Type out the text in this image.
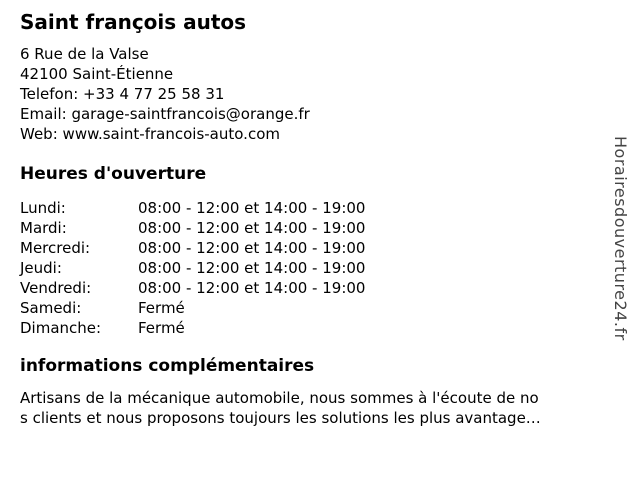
Saint françois autos
6 Rue de la Valse
42100 Saint-Étienne
Telefon: +33 4 77 25 58 31
Email: garage-saintfrancois@orange.fr
Web: www.saint-francois-auto.com
Heures d'ouverture
Lundi:	08:00 - 12:00 et 14:00 - 19:00
Mardi:	08:00 - 12:00 et 14:00 - 19:00
Mercredi:	08:00 - 12:00 et 14:00 - 19:00
Jeudi:	08:00 - 12:00 et 14:00 - 19:00
Vendredi:	08:00 - 12:00 et 14:00 - 19:00
Samedi:	Fermé
Dimanche:	Fermé
informations complémentaires
Artisans de la mécanique automobile, nous sommes à l'écoute de no
s clients et nous proposons toujours les solutions les plus avantage…
Horairesdouverture24.fr
